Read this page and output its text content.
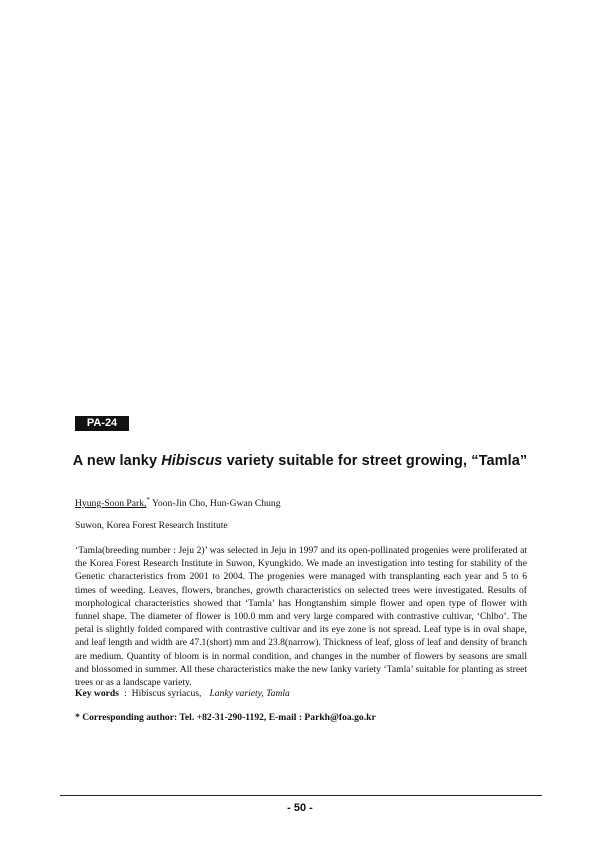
PA-24
A new lanky Hibiscus variety suitable for street growing, “Tamla”
Hyung-Soon Park,* Yoon-Jin Cho, Hun-Gwan Chung
Suwon, Korea Forest Research Institute

‘Tamla(breeding number : Jeju 2)’ was selected in Jeju in 1997 and its open-pollinated progenies were proliferated at the Korea Forest Research Institute in Suwon, Kyungkido. We made an investigation into testing for stability of the Genetic characteristics from 2001 to 2004. The progenies were managed with transplanting each year and 5 to 6 times of weeding. Leaves, flowers, branches, growth characteristics on selected trees were investigated. Results of morphological characteristics showed that ‘Tamla’ has Hongtanshim simple flower and open type of flower with funnel shape. The diameter of flower is 100.0 mm and very large compared with contrastive cultivar, ‘Chlbo’. The petal is slightly folded compared with contrastive cultivar and its eye zone is not spread. Leaf type is in oval shape, and leaf length and width are 47.1(short) mm and 23.8(narrow). Thickness of leaf, gloss of leaf and density of branch are medium. Quantity of bloom is in normal condition, and changes in the number of flowers by seasons are small and blossomed in summer. All these characteristics make the new lanky variety ‘Tamla’ suitable for planting as street trees or as a landscape variety.

Key words : Hibiscus syriacus, Lanky variety, Tamla
* Corresponding author: Tel. +82-31-290-1192, E-mail : Parkh@foa.go.kr
- 50 -
